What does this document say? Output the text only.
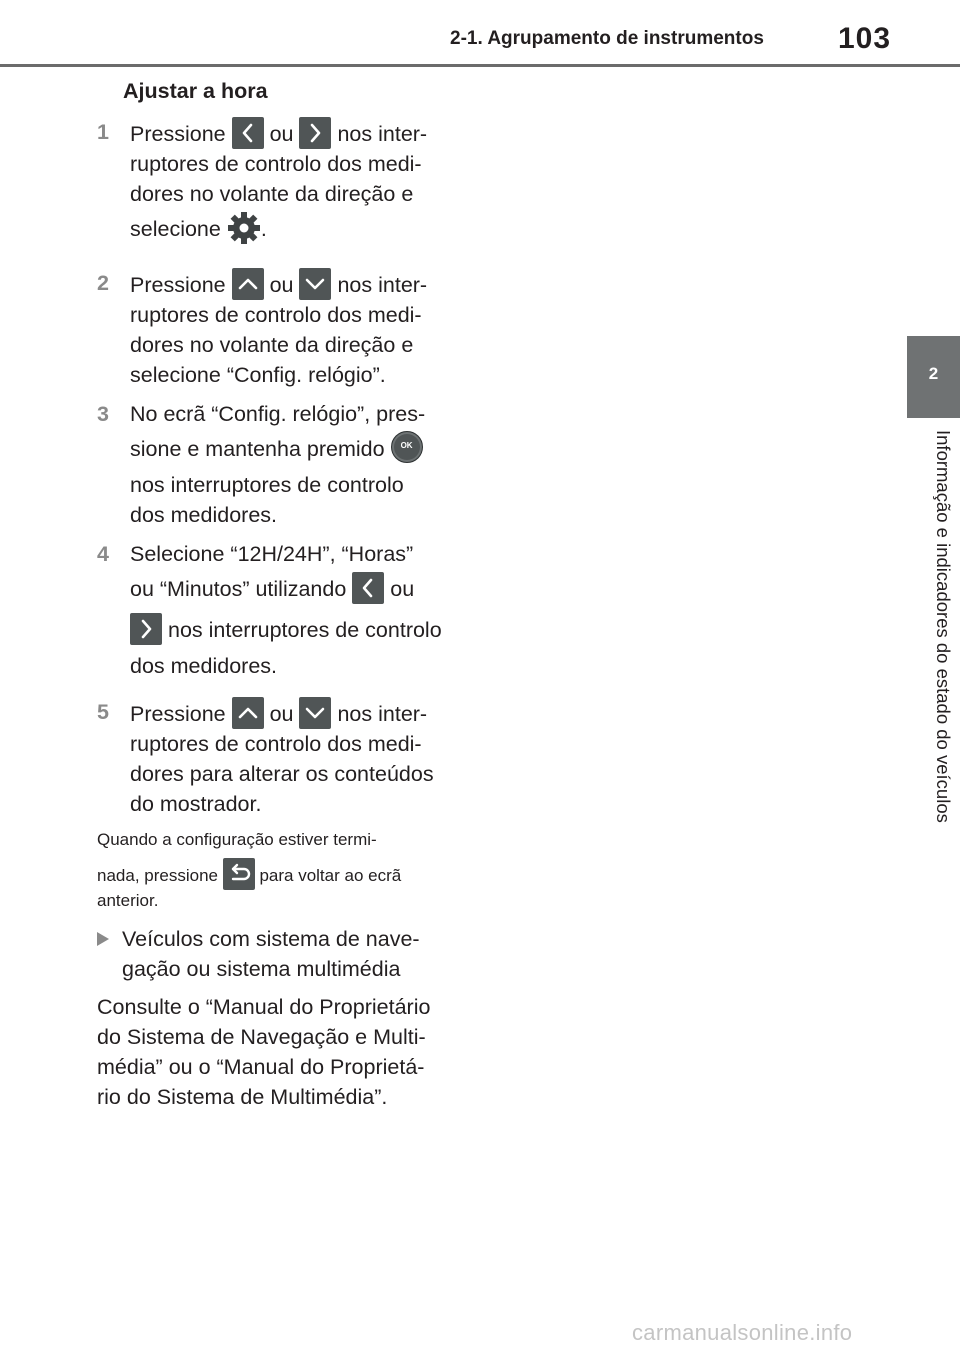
2-1. Agrupamento de instrumentos 103
2
Informação e indicadores do estado do veículos
Ajustar a hora
1 Pressione ou nos inter-
ruptores de controlo dos medi-
dores no volante da direção e
selecione .
2 Pressione ou nos inter-
ruptores de controlo dos medi-
dores no volante da direção e
selecione “Config. relógio”.
3 No ecrã “Config. relógio”, pres-
sione e mantenha premido	OK
nos interruptores de controlo
dos medidores.
4 Selecione “12H/24H”, “Horas”
ou “Minutos” utilizando ou
nos interruptores de controlo
dos medidores.
5 Pressione ou nos inter-
ruptores de controlo dos medi-
dores para alterar os conteúdos
do mostrador.
Quando a configuração estiver termi-
nada, pressione para voltar ao ecrã
anterior.
Veículos com sistema de nave-
gação ou sistema multimédia
Consulte o “Manual do Proprietário
do Sistema de Navegação e Multi-
média” ou o “Manual do Proprietá-
rio do Sistema de Multimédia”.
carmanualsonline.info
